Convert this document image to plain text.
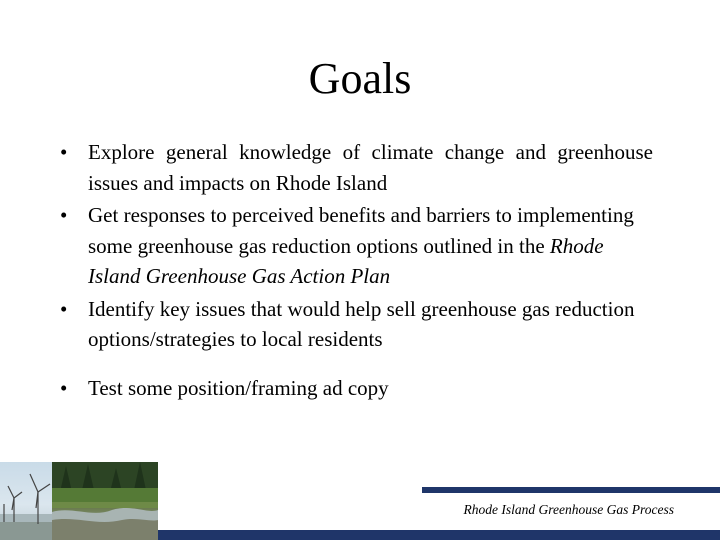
Goals
• Explore general knowledge of climate change and greenhouse issues and impacts on Rhode Island
• Get responses to perceived benefits and barriers to implementing some greenhouse gas reduction options outlined in the Rhode Island Greenhouse Gas Action Plan
• Identify key issues that would help sell greenhouse gas reduction options/strategies to local residents
• Test some position/framing ad copy
Rhode Island Greenhouse Gas Process
